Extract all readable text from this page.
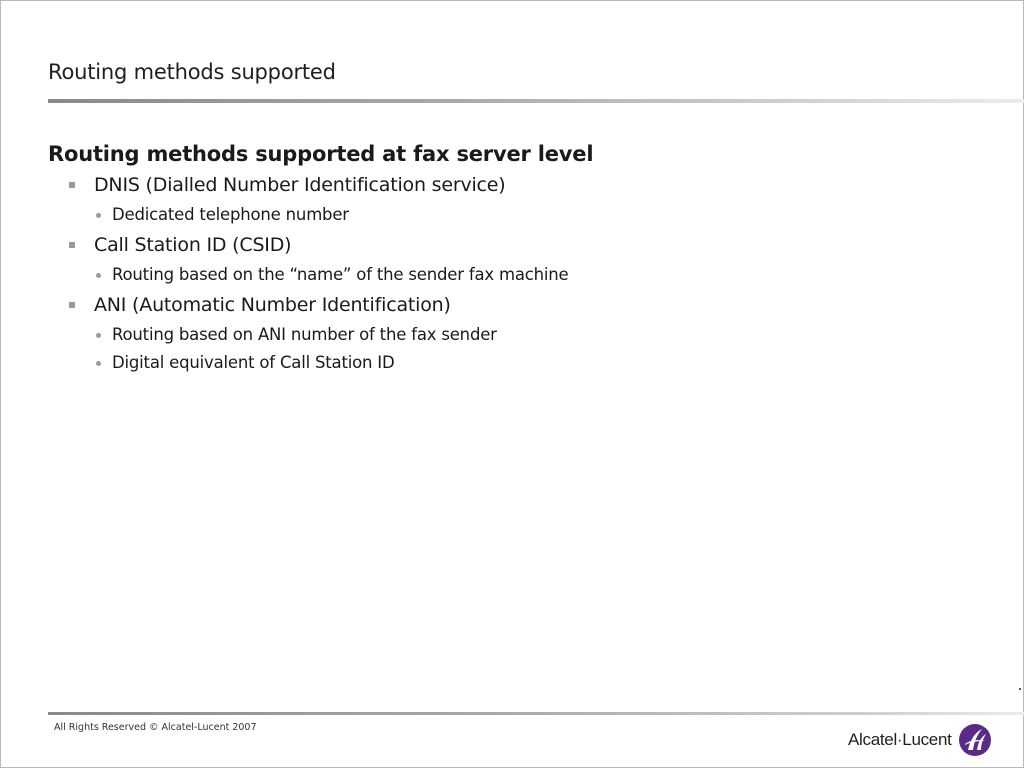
Routing methods supported
Routing methods supported at fax server level
DNIS (Dialled Number Identification service)
Dedicated telephone number
Call Station ID (CSID)
Routing based on the “name” of the sender fax machine
ANI (Automatic Number Identification)
Routing based on ANI number of the fax sender
Digital equivalent of Call Station ID
All Rights Reserved © Alcatel-Lucent 2007
Alcatel·Lucent
